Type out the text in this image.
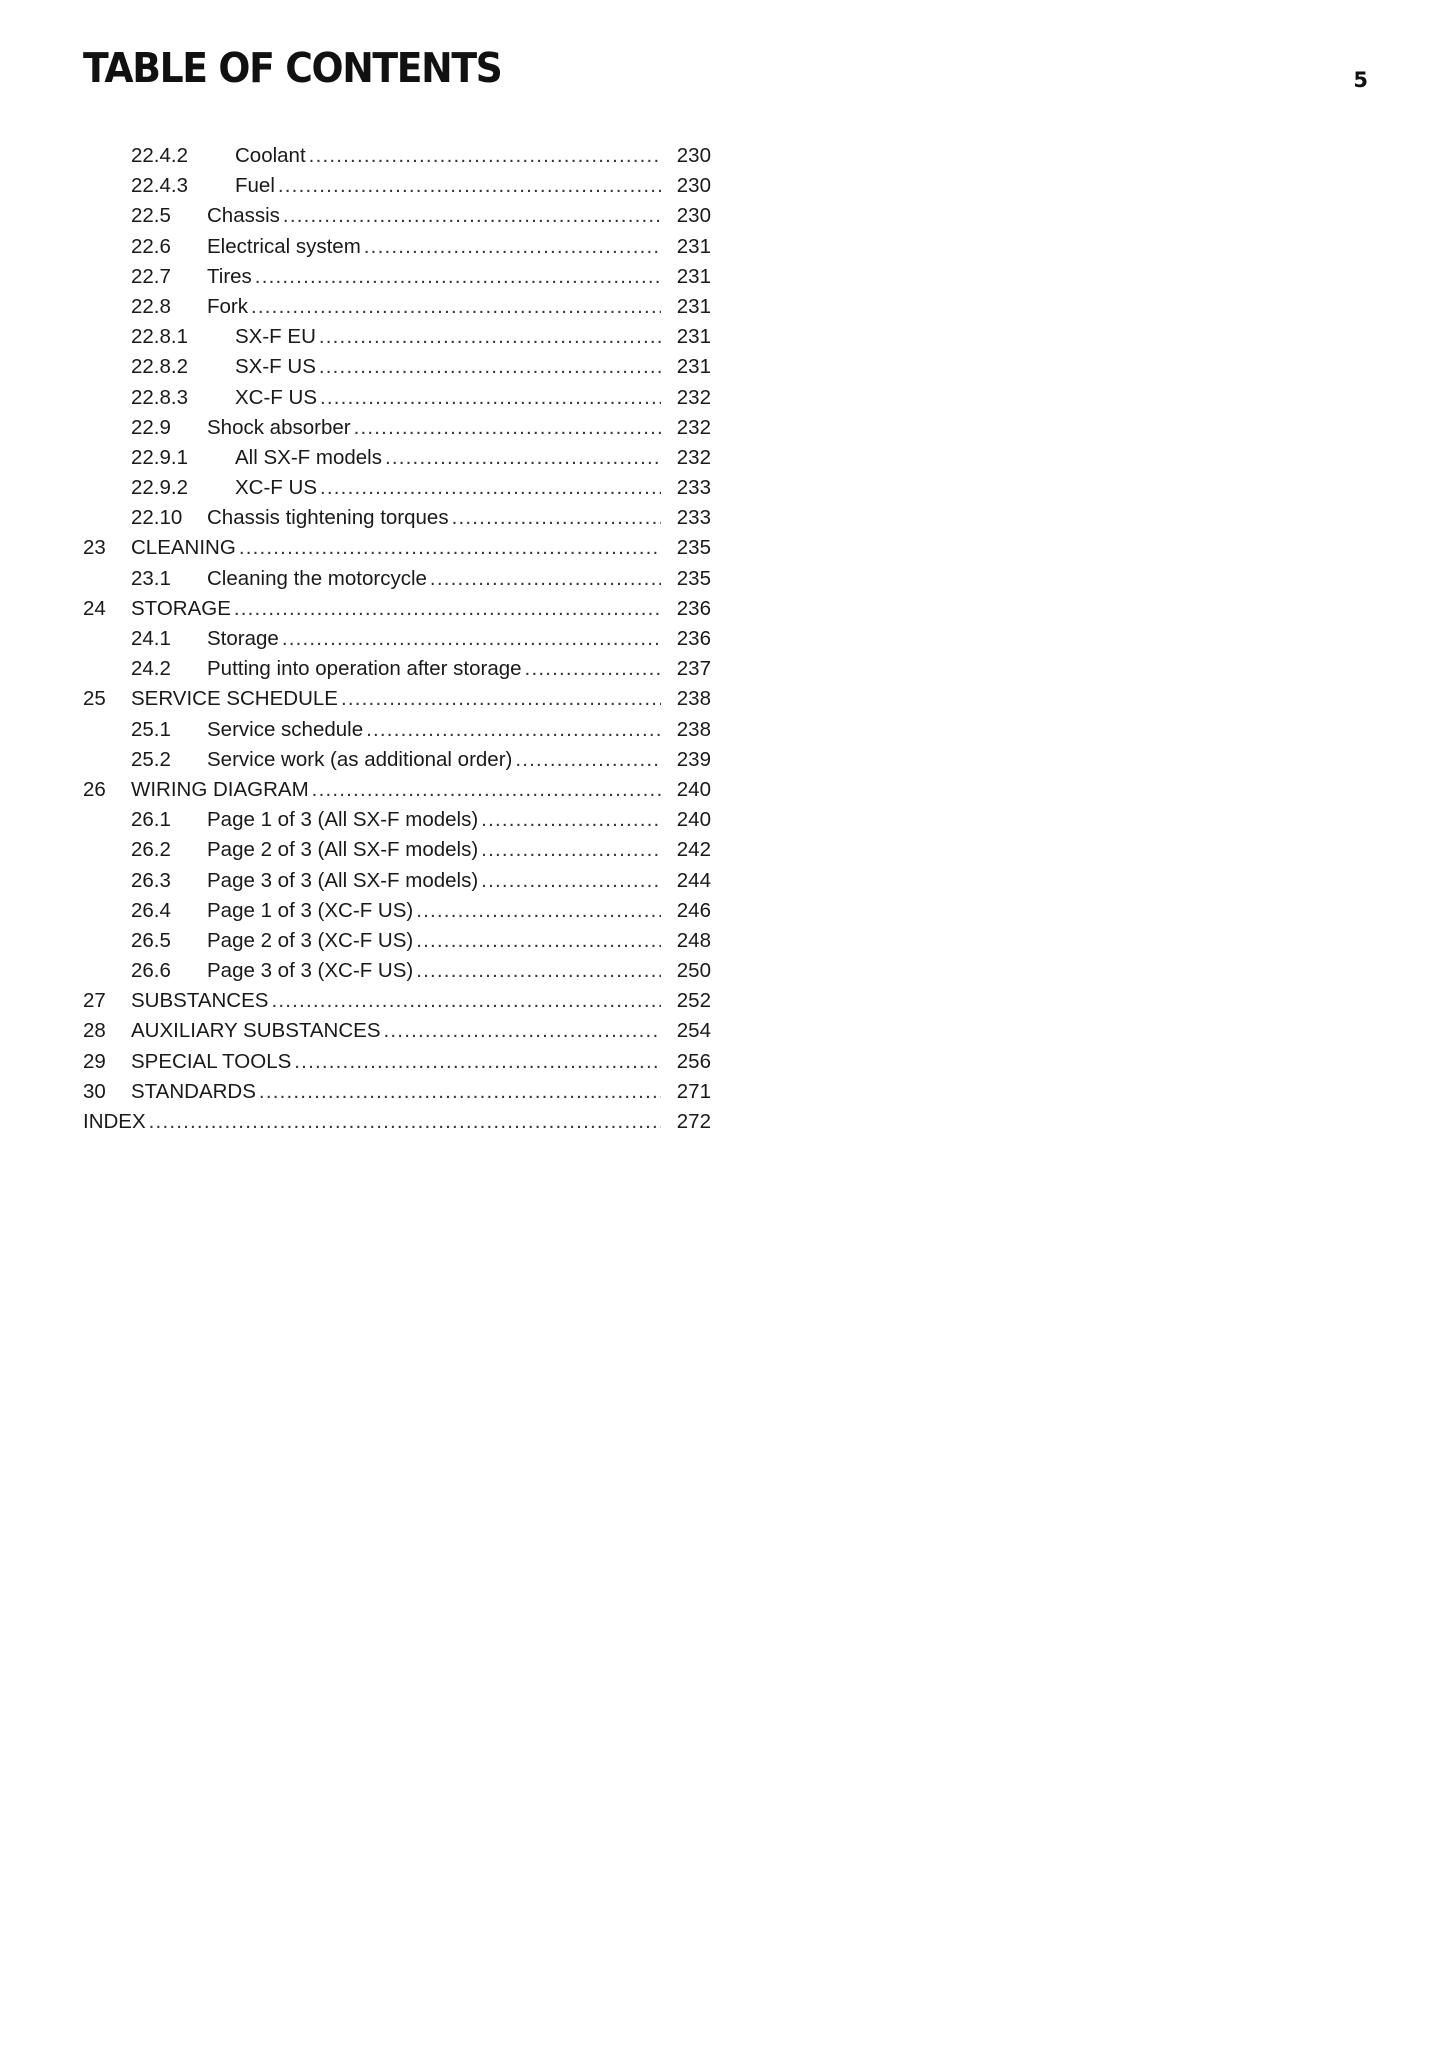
TABLE OF CONTENTS	5
22.4.2 Coolant .....	230
22.4.3 Fuel .....	230
22.5 Chassis .....	230
22.6 Electrical system .....	231
22.7 Tires .....	231
22.8 Fork .....	231
22.8.1 SX-F EU .....	231
22.8.2 SX-F US .....	231
22.8.3 XC-F US .....	232
22.9 Shock absorber .....	232
22.9.1 All SX-F models .....	232
22.9.2 XC-F US .....	233
22.10 Chassis tightening torques .....	233
23 CLEANING .....	235
23.1 Cleaning the motorcycle .....	235
24 STORAGE .....	236
24.1 Storage .....	236
24.2 Putting into operation after storage .....	237
25 SERVICE SCHEDULE .....	238
25.1 Service schedule .....	238
25.2 Service work (as additional order) .....	239
26 WIRING DIAGRAM .....	240
26.1 Page 1 of 3 (All SX-F models) .....	240
26.2 Page 2 of 3 (All SX-F models) .....	242
26.3 Page 3 of 3 (All SX-F models) .....	244
26.4 Page 1 of 3 (XC-F US) .....	246
26.5 Page 2 of 3 (XC-F US) .....	248
26.6 Page 3 of 3 (XC-F US) .....	250
27 SUBSTANCES .....	252
28 AUXILIARY SUBSTANCES .....	254
29 SPECIAL TOOLS .....	256
30 STANDARDS .....	271
INDEX .....	272
